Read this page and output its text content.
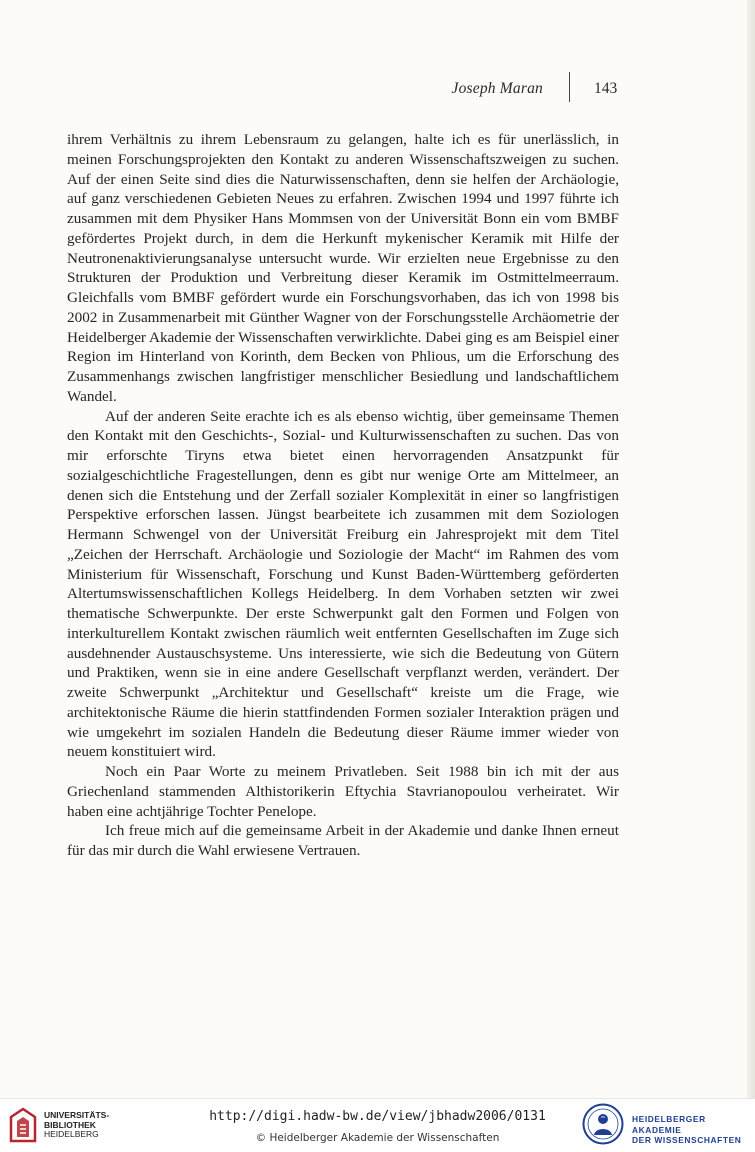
Joseph Maran	143

ihrem Verhältnis zu ihrem Lebensraum zu gelangen, halte ich es für unerlässlich, in meinen Forschungsprojekten den Kontakt zu anderen Wissenschaftszweigen zu suchen. Auf der einen Seite sind dies die Naturwissenschaften, denn sie helfen der Archäologie, auf ganz verschiedenen Gebieten Neues zu erfahren. Zwischen 1994 und 1997 führte ich zusammen mit dem Physiker Hans Mommsen von der Universität Bonn ein vom BMBF gefördertes Projekt durch, in dem die Herkunft mykenischer Keramik mit Hilfe der Neutronenaktivierungsanalyse untersucht wurde. Wir erzielten neue Ergebnisse zu den Strukturen der Produktion und Verbreitung dieser Keramik im Ostmittelmeerraum. Gleichfalls vom BMBF gefördert wurde ein Forschungsvorhaben, das ich von 1998 bis 2002 in Zusammenarbeit mit Günther Wagner von der Forschungsstelle Archäometrie der Heidelberger Akademie der Wissenschaften verwirklichte. Dabei ging es am Beispiel einer Region im Hinterland von Korinth, dem Becken von Phlious, um die Erforschung des Zusammenhangs zwischen langfristiger menschlicher Besiedlung und landschaftlichem Wandel.

Auf der anderen Seite erachte ich es als ebenso wichtig, über gemeinsame Themen den Kontakt mit den Geschichts-, Sozial- und Kulturwissenschaften zu suchen. Das von mir erforschte Tiryns etwa bietet einen hervorragenden Ansatzpunkt für sozialgeschichtliche Fragestellungen, denn es gibt nur wenige Orte am Mittelmeer, an denen sich die Entstehung und der Zerfall sozialer Komplexität in einer so langfristigen Perspektive erforschen lassen. Jüngst bearbeitete ich zusammen mit dem Soziologen Hermann Schwengel von der Universität Freiburg ein Jahresprojekt mit dem Titel „Zeichen der Herrschaft. Archäologie und Soziologie der Macht“ im Rahmen des vom Ministerium für Wissenschaft, Forschung und Kunst Baden-Württemberg geförderten Altertumswissenschaftlichen Kollegs Heidelberg. In dem Vorhaben setzten wir zwei thematische Schwerpunkte. Der erste Schwerpunkt galt den Formen und Folgen von interkulturellem Kontakt zwischen räumlich weit entfernten Gesellschaften im Zuge sich ausdehnender Austauschsysteme. Uns interessierte, wie sich die Bedeutung von Gütern und Praktiken, wenn sie in eine andere Gesellschaft verpflanzt werden, verändert. Der zweite Schwerpunkt „Architektur und Gesellschaft“ kreiste um die Frage, wie architektonische Räume die hierin stattfindenden Formen sozialer Interaktion prägen und wie umgekehrt im sozialen Handeln die Bedeutung dieser Räume immer wieder von neuem konstituiert wird.

Noch ein Paar Worte zu meinem Privatleben. Seit 1988 bin ich mit der aus Griechenland stammenden Althistorikerin Eftychia Stavrianopoulou verheiratet. Wir haben eine achtjährige Tochter Penelope.

Ich freue mich auf die gemeinsame Arbeit in der Akademie und danke Ihnen erneut für das mir durch die Wahl erwiesene Vertrauen.

UNIVERSITÄTS-
BIBLIOTHEK
HEIDELBERG
http://digi.hadw-bw.de/view/jbhadw2006/0131
© Heidelberger Akademie der Wissenschaften
HEIDELBERGER AKADEMIE
DER WISSENSCHAFTEN
